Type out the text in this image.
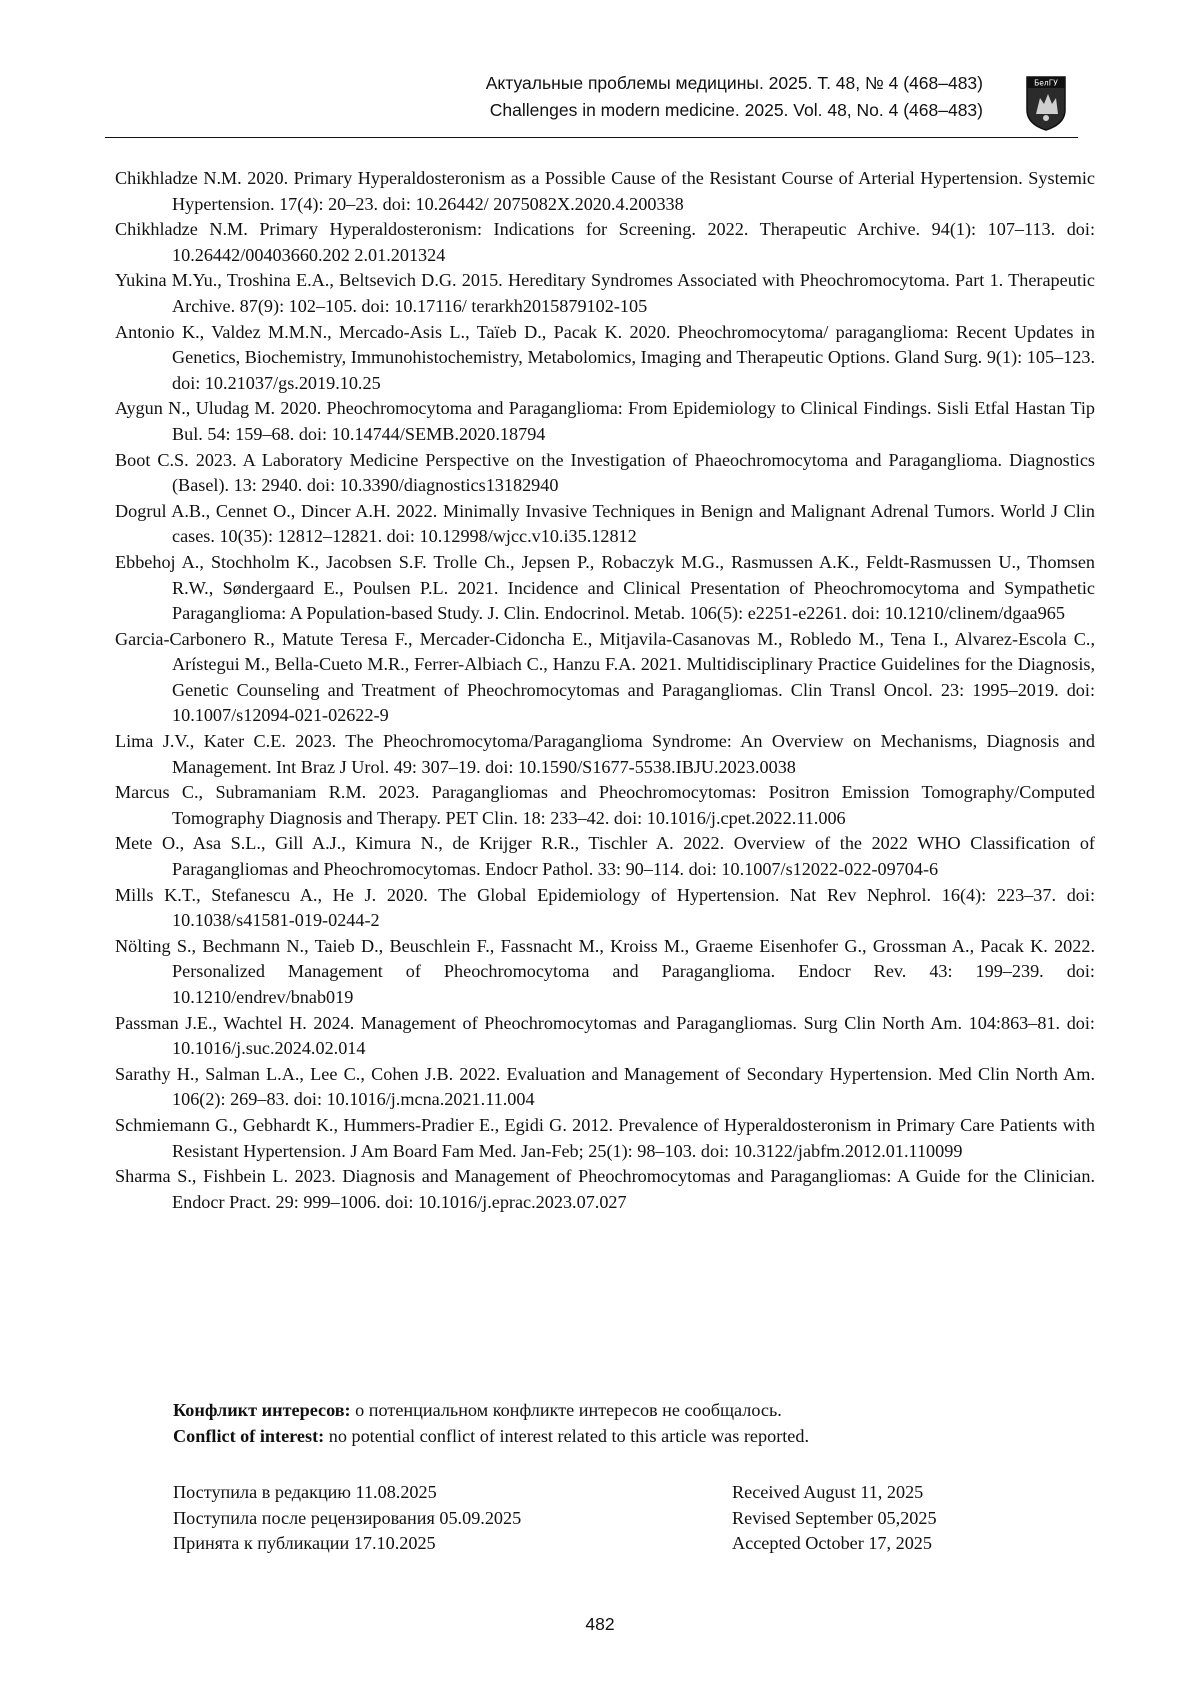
Актуальные проблемы медицины. 2025. Т. 48, № 4 (468–483)
Challenges in modern medicine. 2025. Vol. 48, No. 4 (468–483)
БелГУ

Chikhladze N.M. 2020. Primary Hyperaldosteronism as a Possible Cause of the Resistant Course of Arterial Hypertension. Systemic Hypertension. 17(4): 20–23. doi: 10.26442/ 2075082X.2020.4.200338

Chikhladze N.M. Primary Hyperaldosteronism: Indications for Screening. 2022. Therapeutic Archive. 94(1): 107–113. doi: 10.26442/00403660.202 2.01.201324

Yukina M.Yu., Troshina E.A., Beltsevich D.G. 2015. Hereditary Syndromes Associated with Pheochromocytoma. Part 1. Therapeutic Archive. 87(9): 102–105. doi: 10.17116/ terarkh2015879102-105

Antonio K., Valdez M.M.N., Mercado-Asis L., Taïeb D., Pacak K. 2020. Pheochromocytoma/ paraganglioma: Recent Updates in Genetics, Biochemistry, Immunohistochemistry, Metabolomics, Imaging and Therapeutic Options. Gland Surg. 9(1): 105–123. doi: 10.21037/gs.2019.10.25

Aygun N., Uludag M. 2020. Pheochromocytoma and Paraganglioma: From Epidemiology to Clinical Findings. Sisli Etfal Hastan Tip Bul. 54: 159–68. doi: 10.14744/SEMB.2020.18794

Boot C.S. 2023. A Laboratory Medicine Perspective on the Investigation of Phaeochromocytoma and Paraganglioma. Diagnostics (Basel). 13: 2940. doi: 10.3390/diagnostics13182940

Dogrul A.B., Cennet O., Dincer A.H. 2022. Minimally Invasive Techniques in Benign and Malignant Adrenal Tumors. World J Clin cases. 10(35): 12812–12821. doi: 10.12998/wjcc.v10.i35.12812

Ebbehoj A., Stochholm K., Jacobsen S.F. Trolle Ch., Jepsen P., Robaczyk M.G., Rasmussen A.K., Feldt-Rasmussen U., Thomsen R.W., Søndergaard E., Poulsen P.L. 2021. Incidence and Clinical Presentation of Pheochromocytoma and Sympathetic Paraganglioma: A Population-based Study. J. Clin. Endocrinol. Metab. 106(5): e2251-e2261. doi: 10.1210/clinem/dgaa965

Garcia-Carbonero R., Matute Teresa F., Mercader-Cidoncha E., Mitjavila-Casanovas M., Robledo M., Tena I., Alvarez-Escola C., Arístegui M., Bella-Cueto M.R., Ferrer-Albiach C., Hanzu F.A. 2021. Multidisciplinary Practice Guidelines for the Diagnosis, Genetic Counseling and Treatment of Pheochromocytomas and Paragangliomas. Clin Transl Oncol. 23: 1995–2019. doi: 10.1007/s12094-021-02622-9

Lima J.V., Kater C.E. 2023. The Pheochromocytoma/Paraganglioma Syndrome: An Overview on Mechanisms, Diagnosis and Management. Int Braz J Urol. 49: 307–19. doi: 10.1590/S1677-5538.IBJU.2023.0038

Marcus C., Subramaniam R.M. 2023. Paragangliomas and Pheochromocytomas: Positron Emission Tomography/Computed Tomography Diagnosis and Therapy. PET Clin. 18: 233–42. doi: 10.1016/j.cpet.2022.11.006

Mete O., Asa S.L., Gill A.J., Kimura N., de Krijger R.R., Tischler A. 2022. Overview of the 2022 WHO Classification of Paragangliomas and Pheochromocytomas. Endocr Pathol. 33: 90–114. doi: 10.1007/s12022-022-09704-6

Mills K.T., Stefanescu A., He J. 2020. The Global Epidemiology of Hypertension. Nat Rev Nephrol. 16(4): 223–37. doi: 10.1038/s41581-019-0244-2

Nölting S., Bechmann N., Taieb D., Beuschlein F., Fassnacht M., Kroiss M., Graeme Eisenhofer G., Grossman A., Pacak K. 2022. Personalized Management of Pheochromocytoma and Paraganglioma. Endocr Rev. 43: 199–239. doi: 10.1210/endrev/bnab019

Passman J.E., Wachtel H. 2024. Management of Pheochromocytomas and Paragangliomas. Surg Clin North Am. 104:863–81. doi: 10.1016/j.suc.2024.02.014

Sarathy H., Salman L.A., Lee C., Cohen J.B. 2022. Evaluation and Management of Secondary Hypertension. Med Clin North Am. 106(2): 269–83. doi: 10.1016/j.mcna.2021.11.004

Schmiemann G., Gebhardt K., Hummers-Pradier E., Egidi G. 2012. Prevalence of Hyperaldosteronism in Primary Care Patients with Resistant Hypertension. J Am Board Fam Med. Jan-Feb; 25(1): 98–103. doi: 10.3122/jabfm.2012.01.110099

Sharma S., Fishbein L. 2023. Diagnosis and Management of Pheochromocytomas and Paragangliomas: A Guide for the Clinician. Endocr Pract. 29: 999–1006. doi: 10.1016/j.eprac.2023.07.027

Конфликт интересов: о потенциальном конфликте интересов не сообщалось.
Conflict of interest: no potential conflict of interest related to this article was reported.
Поступила в редакцию 11.08.2025
Поступила после рецензирования 05.09.2025
Принята к публикации 17.10.2025
Received August 11, 2025
Revised September 05,2025
Accepted October 17, 2025
482
